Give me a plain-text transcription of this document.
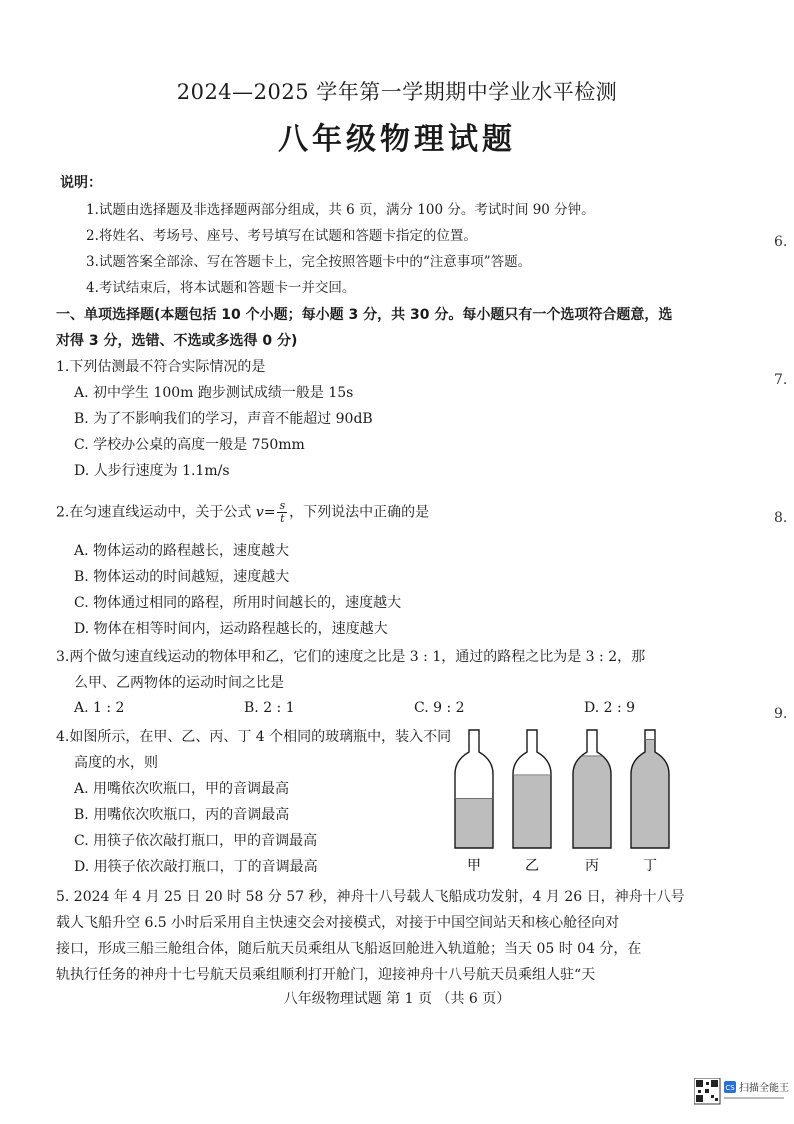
2024—2025 学年第一学期期中学业水平检测
八年级物理试题
说明：
1.试题由选择题及非选择题两部分组成，共 6 页，满分 100 分。考试时间 90 分钟。
2.将姓名、考场号、座号、考号填写在试题和答题卡指定的位置。
3.试题答案全部涂、写在答题卡上，完全按照答题卡中的“注意事项”答题。
4.考试结束后，将本试题和答题卡一并交回。
一、单项选择题(本题包括 10 个小题；每小题 3 分，共 30 分。每小题只有一个选项符合题意，选
对得 3 分，选错、不选或多选得 0 分)
1.下列估测最不符合实际情况的是
A. 初中学生 100m 跑步测试成绩一般是 15s
B. 为了不影响我们的学习，声音不能超过 90dB
C. 学校办公桌的高度一般是 750mm
D. 人步行速度为 1.1m/s
2.在匀速直线运动中，关于公式 $v= \frac{s}{t}$ ，下列说法中正确的是
A. 物体运动的路程越长，速度越大
B. 物体运动的时间越短，速度越大
C. 物体通过相同的路程，所用时间越长的，速度越大
D. 物体在相等时间内，运动路程越长的，速度越大
3.两个做匀速直线运动的物体甲和乙，它们的速度之比是 3 : 1，通过的路程之比为是 3 : 2，那
么甲、乙两物体的运动时间之比是
A. 1 : 2	B. 2 : 1	C. 9 : 2	D. 2 : 9
4.如图所示，在甲、乙、丙、丁 4 个相同的玻璃瓶中，装入不同
高度的水，则
A. 用嘴依次吹瓶口，甲的音调最高
B. 用嘴依次吹瓶口，丙的音调最高
C. 用筷子依次敲打瓶口，甲的音调最高
D. 用筷子依次敲打瓶口，丁的音调最高	甲	乙	丙	丁
5. 2024 年 4 月 25 日 20 时 58 分 57 秒，神舟十八号载人飞船成功发射，4 月 26 日，神舟十八号
载人飞船升空 6.5 小时后采用自主快速交会对接模式，对接于中国空间站天和核心舱径向对
接口，形成三船三舱组合体，随后航天员乘组从飞船返回舱进入轨道舱；当天 05 时 04 分，在
轨执行任务的神舟十七号航天员乘组顺利打开舱门，迎接神舟十八号航天员乘组人驻“天
八年级物理试题 第 1 页 （共 6 页）
6.
7.
8.
9.
CS 扫描全能王
